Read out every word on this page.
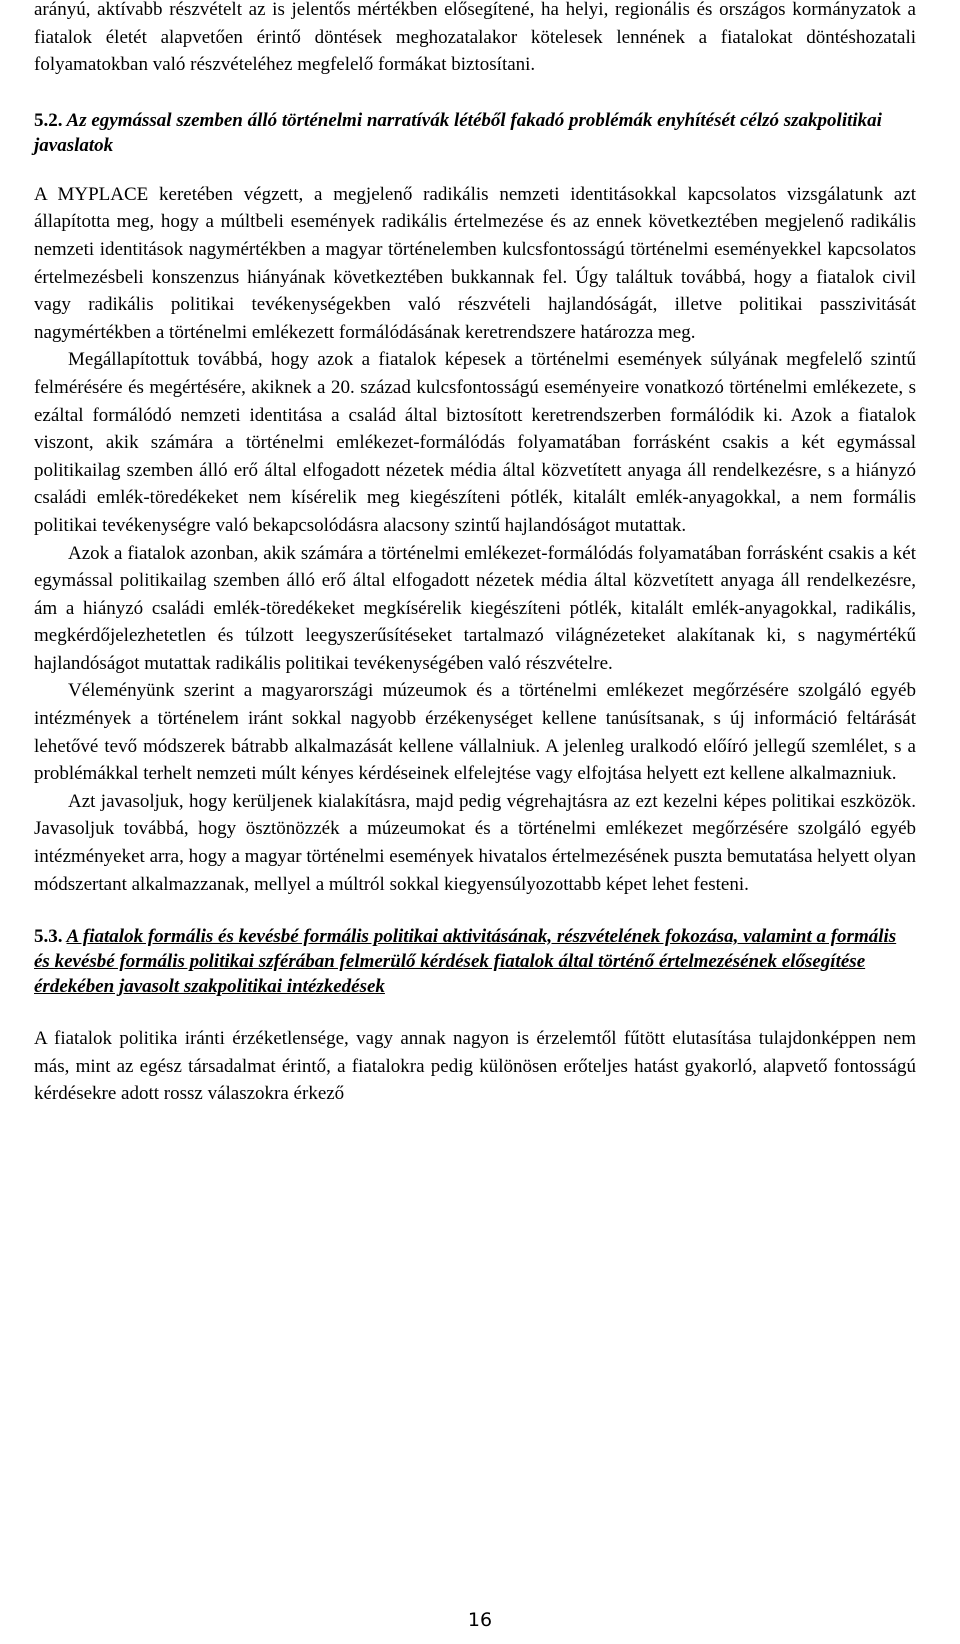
arányú, aktívabb részvételt az is jelentős mértékben elősegítené, ha helyi, regionális és országos kormányzatok a fiatalok életét alapvetően érintő döntések meghozatalakor kötelesek lennének a fiatalokat döntéshozatali folyamatokban való részvételéhez megfelelő formákat biztosítani.

5.2. Az egymással szemben álló történelmi narratívák létéből fakadó problémák enyhítését célzó szakpolitikai javaslatok

A MYPLACE keretében végzett, a megjelenő radikális nemzeti identitásokkal kapcsolatos vizsgálatunk azt állapította meg, hogy a múltbeli események radikális értelmezése és az ennek következtében megjelenő radikális nemzeti identitások nagymértékben a magyar történelemben kulcsfontosságú történelmi eseményekkel kapcsolatos értelmezésbeli konszenzus hiányának következtében bukkannak fel. Úgy találtuk továbbá, hogy a fiatalok civil vagy radikális politikai tevékenységekben való részvételi hajlandóságát, illetve politikai passzivitását nagymértékben a történelmi emlékezett formálódásának keretrendszere határozza meg.

Megállapítottuk továbbá, hogy azok a fiatalok képesek a történelmi események súlyának megfelelő szintű felmérésére és megértésére, akiknek a 20. század kulcsfontosságú eseményeire vonatkozó történelmi emlékezete, s ezáltal formálódó nemzeti identitása a család által biztosított keretrendszerben formálódik ki. Azok a fiatalok viszont, akik számára a történelmi emlékezet-formálódás folyamatában forrásként csakis a két egymással politikailag szemben álló erő által elfogadott nézetek média által közvetített anyaga áll rendelkezésre, s a hiányzó családi emlék-töredékeket nem kísérelik meg kiegészíteni pótlék, kitalált emlék-anyagokkal, a nem formális politikai tevékenységre való bekapcsolódásra alacsony szintű hajlandóságot mutattak.

Azok a fiatalok azonban, akik számára a történelmi emlékezet-formálódás folyamatában forrásként csakis a két egymással politikailag szemben álló erő által elfogadott nézetek média által közvetített anyaga áll rendelkezésre, ám a hiányzó családi emlék-töredékeket megkísérelik kiegészíteni pótlék, kitalált emlék-anyagokkal, radikális, megkérdőjelezhetetlen és túlzott leegyszerűsítéseket tartalmazó világnézeteket alakítanak ki, s nagymértékű hajlandóságot mutattak radikális politikai tevékenységében való részvételre.

Véleményünk szerint a magyarországi múzeumok és a történelmi emlékezet megőrzésére szolgáló egyéb intézmények a történelem iránt sokkal nagyobb érzékenységet kellene tanúsítsanak, s új információ feltárását lehetővé tevő módszerek bátrabb alkalmazását kellene vállalniuk. A jelenleg uralkodó előíró jellegű szemlélet, s a problémákkal terhelt nemzeti múlt kényes kérdéseinek elfelejtése vagy elfojtása helyett ezt kellene alkalmazniuk.

Azt javasoljuk, hogy kerüljenek kialakításra, majd pedig végrehajtásra az ezt kezelni képes politikai eszközök. Javasoljuk továbbá, hogy ösztönözzék a múzeumokat és a történelmi emlékezet megőrzésére szolgáló egyéb intézményeket arra, hogy a magyar történelmi események hivatalos értelmezésének puszta bemutatása helyett olyan módszertant alkalmazzanak, mellyel a múltról sokkal kiegyensúlyozottabb képet lehet festeni.

5.3. A fiatalok formális és kevésbé formális politikai aktivitásának, részvételének fokozása, valamint a formális és kevésbé formális politikai szférában felmerülő kérdések fiatalok által történő értelmezésének elősegítése érdekében javasolt szakpolitikai intézkedések

A fiatalok politika iránti érzéketlensége, vagy annak nagyon is érzelemtől fűtött elutasítása tulajdonképpen nem más, mint az egész társadalmat érintő, a fiatalokra pedig különösen erőteljes hatást gyakorló, alapvető fontosságú kérdésekre adott rossz válaszokra érkező

16
